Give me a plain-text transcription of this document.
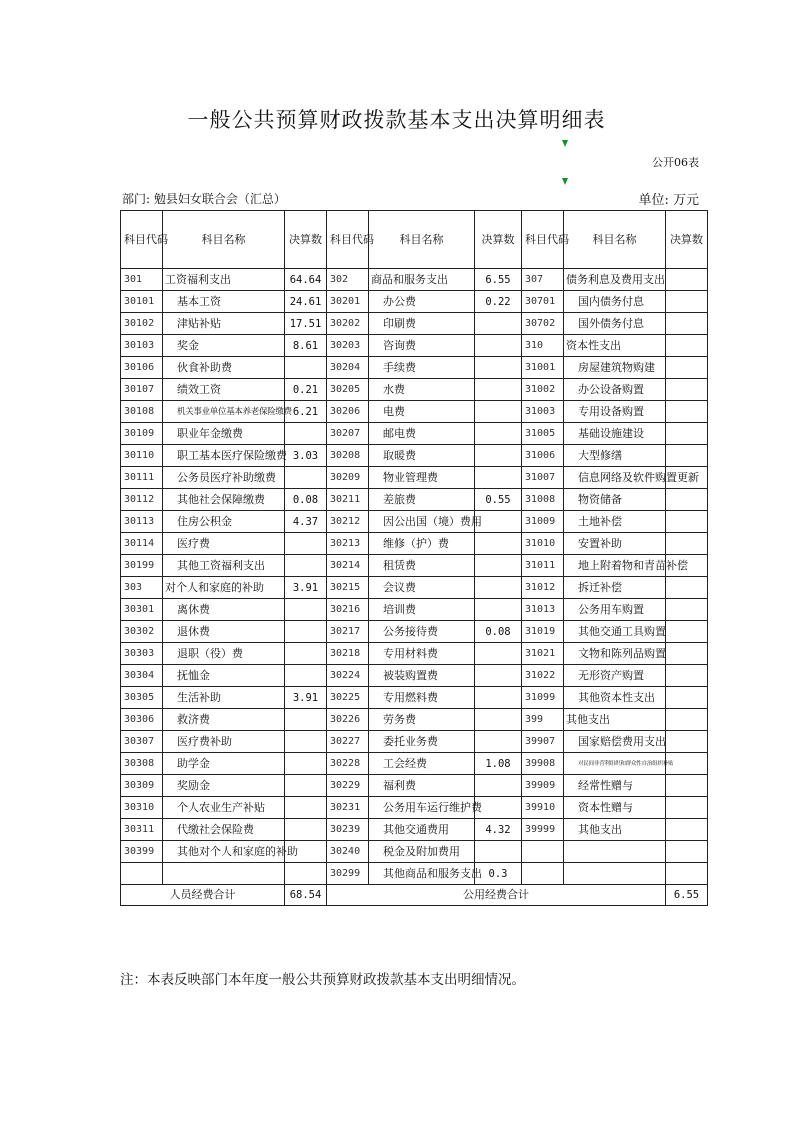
一般公共预算财政拨款基本支出决算明细表
公开06表
部门: 勉县妇女联合会（汇总）	单位: 万元
科目代码	科目名称	决算数	科目代码	科目名称	决算数	科目代码	科目名称	决算数
301	工资福利支出	64.64	302	商品和服务支出	6.55	307	债务利息及费用支出	
30101	基本工资	24.61	30201	办公费	0.22	30701	国内债务付息	
30102	津贴补贴	17.51	30202	印刷费		30702	国外债务付息	
30103	奖金	8.61	30203	咨询费		310	资本性支出	
30106	伙食补助费		30204	手续费		31001	房屋建筑物购建	
30107	绩效工资	0.21	30205	水费		31002	办公设备购置	
30108	机关事业单位基本养老保险缴费	6.21	30206	电费		31003	专用设备购置	
30109	职业年金缴费		30207	邮电费		31005	基础设施建设	
30110	职工基本医疗保险缴费	3.03	30208	取暖费		31006	大型修缮	
30111	公务员医疗补助缴费		30209	物业管理费		31007	信息网络及软件购置更新	
30112	其他社会保障缴费	0.08	30211	差旅费	0.55	31008	物资储备	
30113	住房公积金	4.37	30212	因公出国（境）费用		31009	土地补偿	
30114	医疗费		30213	维修（护）费		31010	安置补助	
30199	其他工资福利支出		30214	租赁费		31011	地上附着物和青苗补偿	
303	对个人和家庭的补助	3.91	30215	会议费		31012	拆迁补偿	
30301	离休费		30216	培训费		31013	公务用车购置	
30302	退休费		30217	公务接待费	0.08	31019	其他交通工具购置	
30303	退职（役）费		30218	专用材料费		31021	文物和陈列品购置	
30304	抚恤金		30224	被装购置费		31022	无形资产购置	
30305	生活补助	3.91	30225	专用燃料费		31099	其他资本性支出	
30306	救济费		30226	劳务费		399	其他支出	
30307	医疗费补助		30227	委托业务费		39907	国家赔偿费用支出	
30308	助学金		30228	工会经费	1.08	39908	对民间非营利组织和群众性自治组织补贴	
30309	奖励金		30229	福利费		39909	经常性赠与	
30310	个人农业生产补贴		30231	公务用车运行维护费		39910	资本性赠与	
30311	代缴社会保险费		30239	其他交通费用	4.32	39999	其他支出	
30399	其他对个人和家庭的补助		30240	税金及附加费用				
			30299	其他商品和服务支出	0.3			
人员经费合计		68.54	公用经费合计					6.55
注：本表反映部门本年度一般公共预算财政拨款基本支出明细情况。
